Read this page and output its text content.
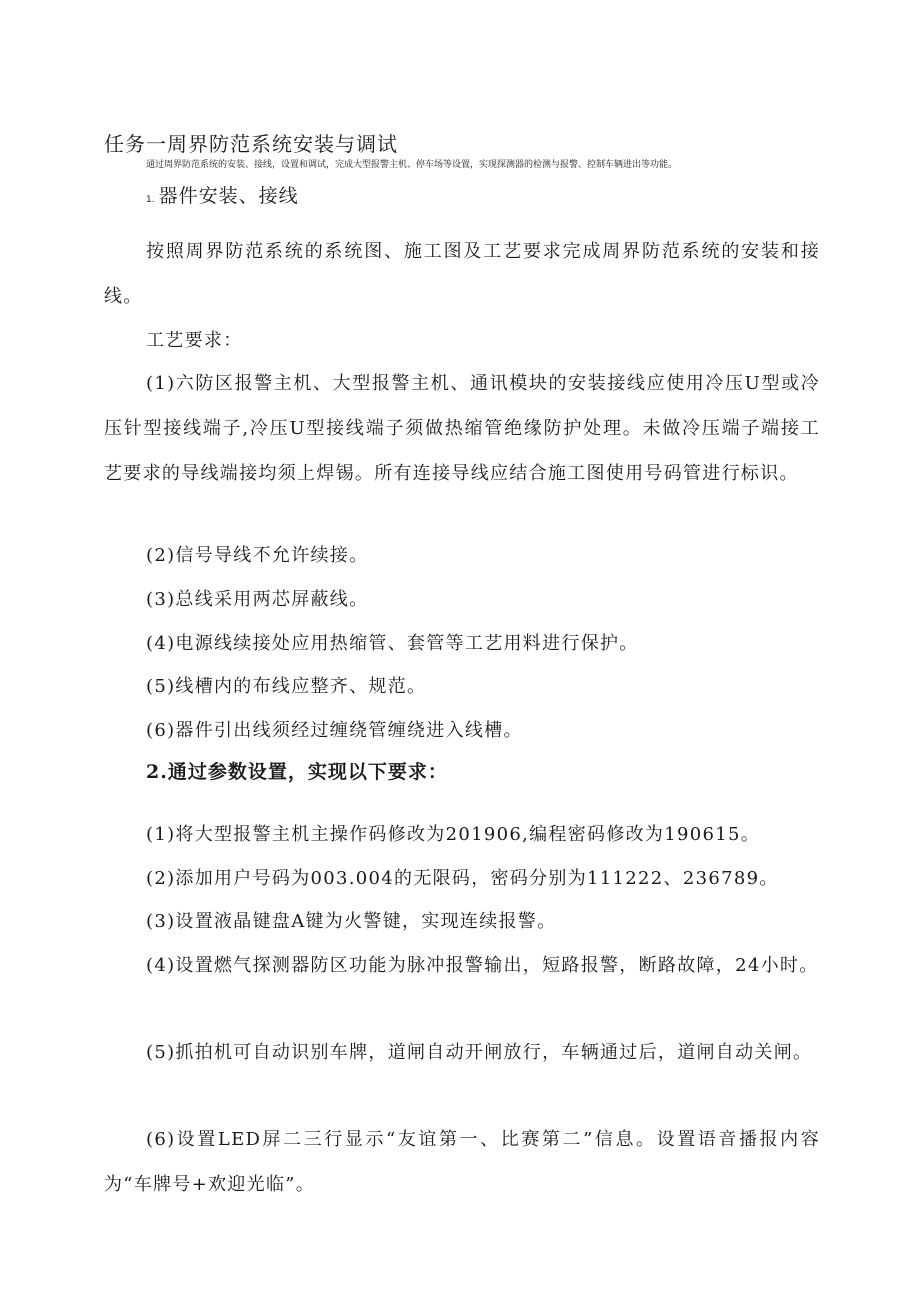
任务一周界防范系统安装与调试
通过周界防范系统的安装、接线，设置和调试，完成大型报警主机、停车场等设置，实现探测器的检测与报警、控制车辆进出等功能。
1. 器件安装、接线

按照周界防范系统的系统图、施工图及工艺要求完成周界防范系统的安装和接线。

工艺要求：

(1)六防区报警主机、大型报警主机、通讯模块的安装接线应使用冷压U型或冷压针型接线端子,冷压U型接线端子须做热缩管绝缘防护处理。未做冷压端子端接工艺要求的导线端接均须上焊锡。所有连接导线应结合施工图使用号码管进行标识。

(2)信号导线不允许续接。

(3)总线采用两芯屏蔽线。

(4)电源线续接处应用热缩管、套管等工艺用料进行保护。

(5)线槽内的布线应整齐、规范。

(6)器件引出线须经过缠绕管缠绕进入线槽。

2.通过参数设置，实现以下要求：

(1)将大型报警主机主操作码修改为201906,编程密码修改为190615。

(2)添加用户号码为003.004的无限码，密码分别为111222、236789。

(3)设置液晶键盘A键为火警键，实现连续报警。

(4)设置燃气探测器防区功能为脉冲报警输出，短路报警，断路故障，24小时。

(5)抓拍机可自动识别车牌，道闸自动开闸放行，车辆通过后，道闸自动关闸。

(6)设置LED屏二三行显示“友谊第一、比赛第二”信息。设置语音播报内容为“车牌号+欢迎光临”。
